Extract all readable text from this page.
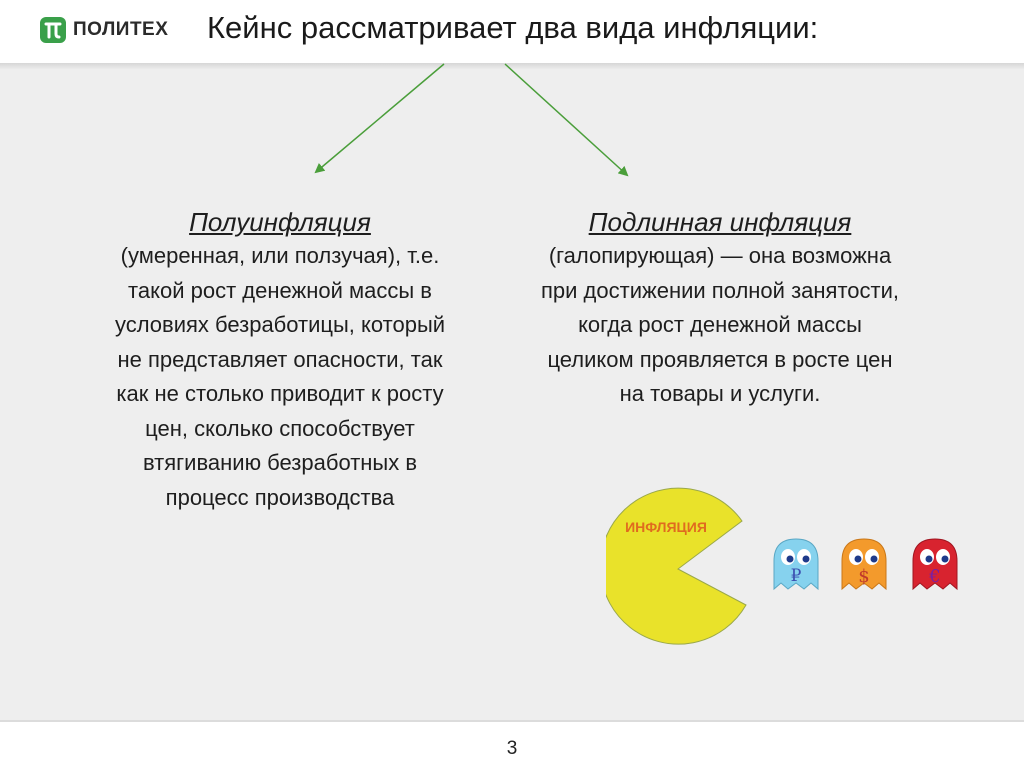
ПОЛИТЕХ Кейнс рассматривает два вида инфляции:
Полуинфляция
(умеренная, или ползучая), т.е.
такой рост денежной массы в
условиях безработицы, который
не представляет опасности, так
как не столько приводит к росту
цен, сколько способствует
втягиванию безработных в
процесс производства
Подлинная инфляция
(галопирующая) — она возможна
при достижении полной занятости,
когда рост денежной массы
целиком проявляется в росте цен
на товары и услуги.
ИНФЛЯЦИЯ
₽	$	€
3
